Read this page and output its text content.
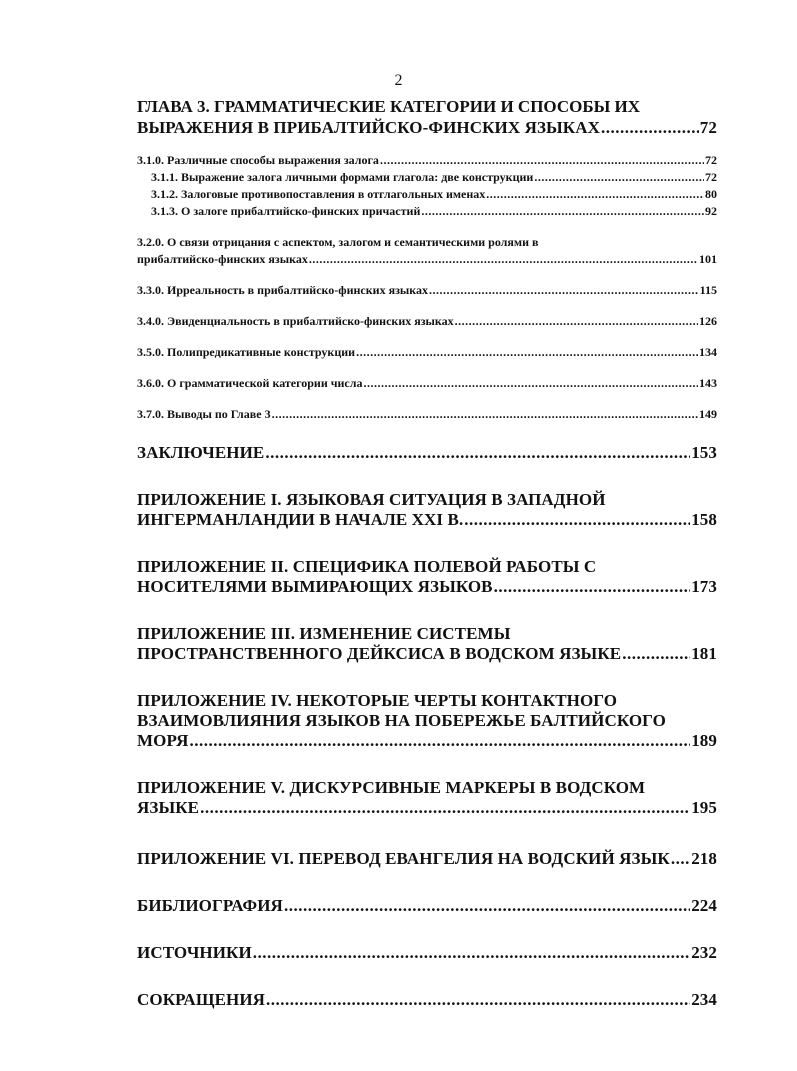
2
ГЛАВА 3. ГРАММАТИЧЕСКИЕ КАТЕГОРИИ И СПОСОБЫ ИХ
ВЫРАЖЕНИЯ В ПРИБАЛТИЙСКО-ФИНСКИХ ЯЗЫКАХ .....	72
3.1.0. Различные способы выражения залога .....	72
3.1.1. Выражение залога личными формами глагола: две конструкции .....	72
3.1.2. Залоговые противопоставления в отглагольных именах .....	80
3.1.3. О залоге прибалтийско-финских причастий .....	92
3.2.0. О связи отрицания с аспектом, залогом и семантическими ролями в
прибалтийско-финских языках .....	101
3.3.0. Ирреальность в прибалтийско-финских языках .....	115
3.4.0. Эвиденциальность в прибалтийско-финских языках .....	126
3.5.0. Полипредикативные конструкции .....	134
3.6.0. О грамматической категории числа .....	143
3.7.0. Выводы по Главе 3 .....	149
ЗАКЛЮЧЕНИЕ .....	153
ПРИЛОЖЕНИЕ I. ЯЗЫКОВАЯ СИТУАЦИЯ В ЗАПАДНОЙ
ИНГЕРМАНЛАНДИИ В НАЧАЛЕ XXI В. .....	158
ПРИЛОЖЕНИЕ II. СПЕЦИФИКА ПОЛЕВОЙ РАБОТЫ С
НОСИТЕЛЯМИ ВЫМИРАЮЩИХ ЯЗЫКОВ .....	173
ПРИЛОЖЕНИЕ III. ИЗМЕНЕНИЕ СИСТЕМЫ
ПРОСТРАНСТВЕННОГО ДЕЙКСИСА В ВОДСКОМ ЯЗЫКЕ .....	181
ПРИЛОЖЕНИЕ IV. НЕКОТОРЫЕ ЧЕРТЫ КОНТАКТНОГО
ВЗАИМОВЛИЯНИЯ ЯЗЫКОВ НА ПОБЕРЕЖЬЕ БАЛТИЙСКОГО
МОРЯ .....	189
ПРИЛОЖЕНИЕ V. ДИСКУРСИВНЫЕ МАРКЕРЫ В ВОДСКОМ
ЯЗЫКЕ .....	195
ПРИЛОЖЕНИЕ VI. ПЕРЕВОД ЕВАНГЕЛИЯ НА ВОДСКИЙ ЯЗЫК ..... 218
БИБЛИОГРАФИЯ .....	224
ИСТОЧНИКИ .....	232
СОКРАЩЕНИЯ .....	234
